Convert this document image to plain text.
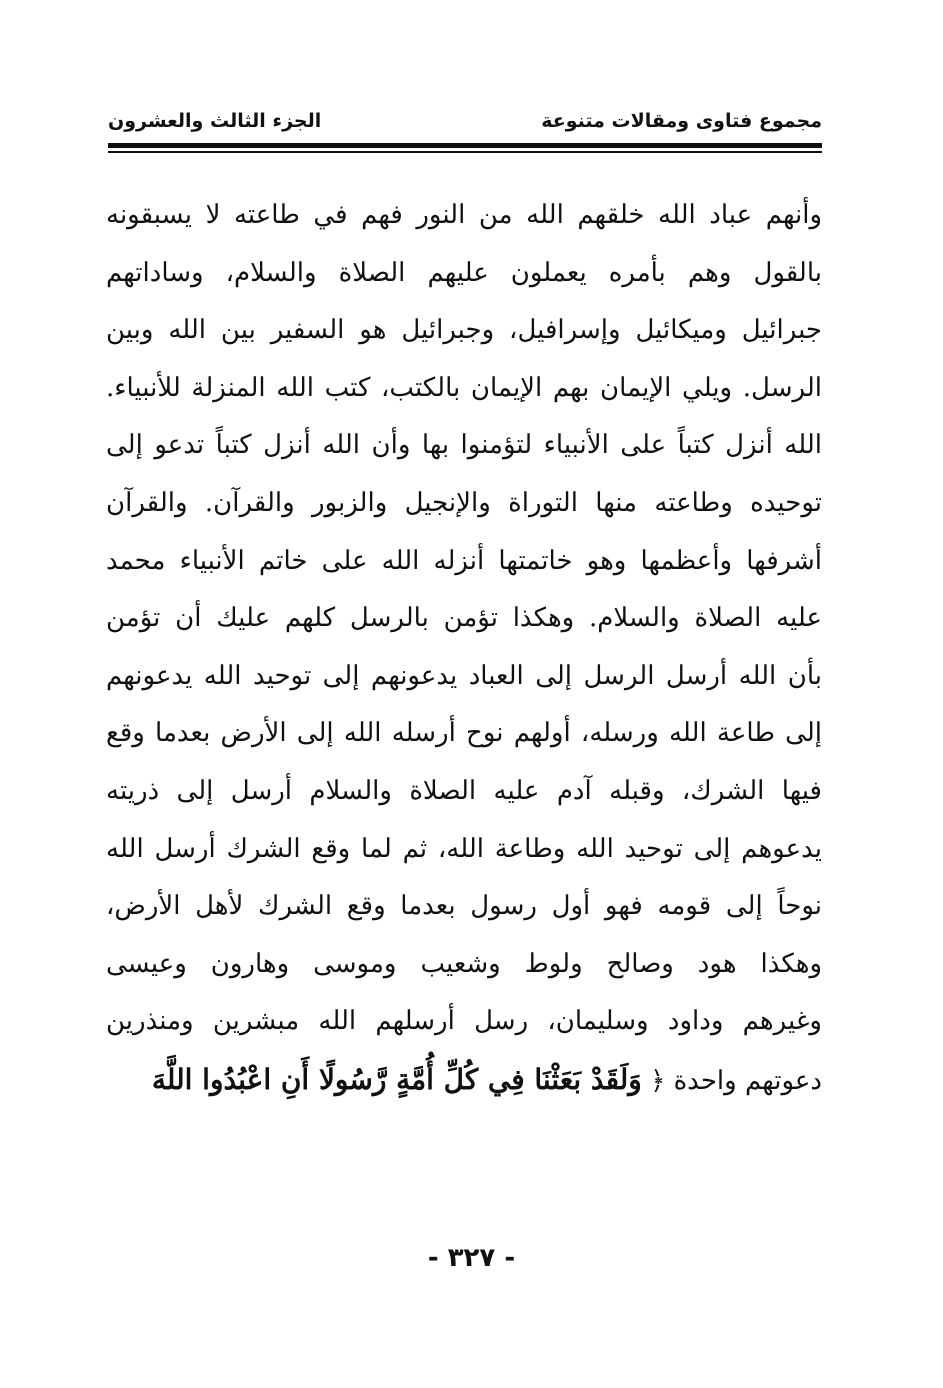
مجموع فتاوى ومقالات متنوعة
الجزء الثالث والعشرون
وأنهم عباد الله خلقهم الله من النور فهم في طاعته لا يسبقونه
بالقول وهم بأمره يعملون عليهم الصلاة والسلام، وساداتهم
جبرائيل وميكائيل وإسرافيل، وجبرائيل هو السفير بين الله وبين
الرسل. ويلي الإيمان بهم الإيمان بالكتب، كتب الله المنزلة للأنبياء.
الله أنزل كتباً على الأنبياء لتؤمنوا بها وأن الله أنزل كتباً تدعو إلى
توحيده وطاعته منها التوراة والإنجيل والزبور والقرآن. والقرآن
أشرفها وأعظمها وهو خاتمتها أنزله الله على خاتم الأنبياء محمد
عليه الصلاة والسلام. وهكذا تؤمن بالرسل كلهم عليك أن تؤمن
بأن الله أرسل الرسل إلى العباد يدعونهم إلى توحيد الله يدعونهم
إلى طاعة الله ورسله، أولهم نوح أرسله الله إلى الأرض بعدما وقع
فيها الشرك، وقبله آدم عليه الصلاة والسلام أرسل إلى ذريته
يدعوهم إلى توحيد الله وطاعة الله، ثم لما وقع الشرك أرسل الله
نوحاً إلى قومه فهو أول رسول بعدما وقع الشرك لأهل الأرض،
وهكذا هود وصالح ولوط وشعيب وموسى وهارون وعيسى
وغيرهم وداود وسليمان، رسل أرسلهم الله مبشرين ومنذرين
دعوتهم واحدة ﴿ وَلَقَدْ بَعَثْنَا فِي كُلِّ أُمَّةٍ رَّسُولًا أَنِ اعْبُدُوا اللَّهَ
- ٣٢٧ -
